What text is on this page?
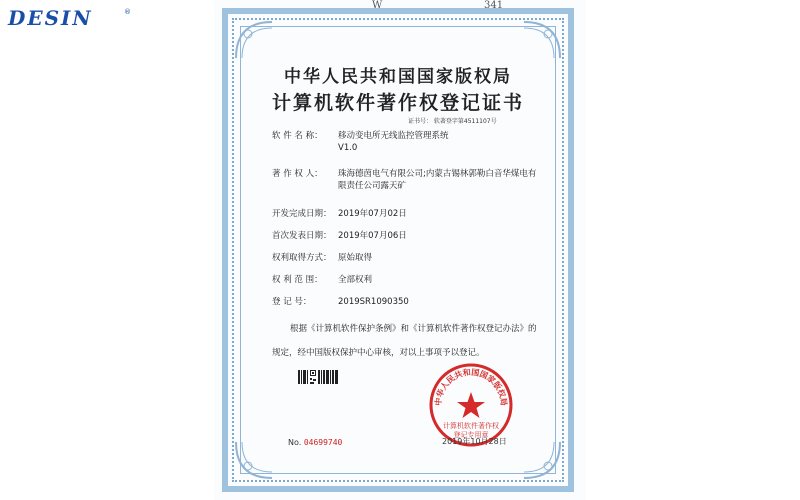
DESIN	®
W	341
中华人民共和国国家版权局
计算机软件著作权登记证书
证书号： 软著登字第4511107号
软 件 名 称： 移动变电所无线监控管理系统
V1.0
著 作 权 人： 珠海德茵电气有限公司;内蒙古锡林郭勒白音华煤电有
限责任公司露天矿
开发完成日期： 2019年07月02日
首次发表日期： 2019年07月06日
权利取得方式： 原始取得
权 利 范 围： 全部权利
登 记 号：	2019SR1090350
根据《计算机软件保护条例》和《计算机软件著作权登记办法》的
规定，经中国版权保护中心审核，对以上事项予以登记。
中华人民共和国国家版权局
计算机软件著作权
登记专用章
No. 04699740	2019年10月28日
